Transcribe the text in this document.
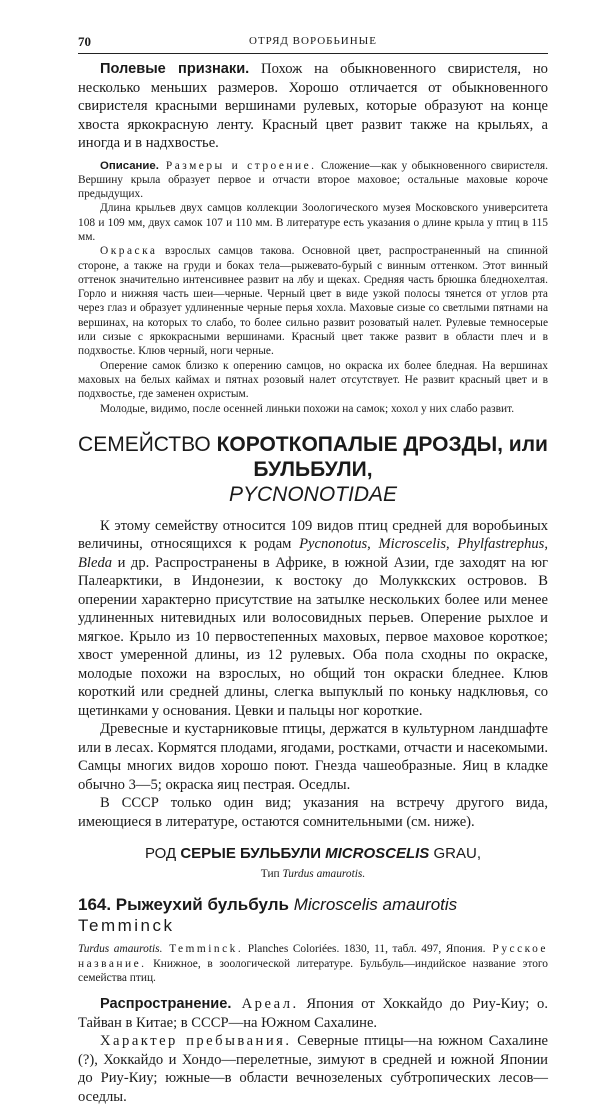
70	ОТРЯД ВОРОБЬИНЫЕ

Полевые признаки. Похож на обыкновенного свиристеля, но несколько меньших размеров. Хорошо отличается от обыкновенного свиристеля красными вершинами рулевых, которые образуют на конце хвоста яркокрасную ленту. Красный цвет развит также на крыльях, а иногда и в надхвостье.

Описание. Размеры и строение. Сложение—как у обыкновенного свиристеля. Вершину крыла образует первое и отчасти второе маховое; остальные маховые короче предыдущих.

Длина крыльев двух самцов коллекции Зоологического музея Московского университета 108 и 109 мм, двух самок 107 и 110 мм. В литературе есть указания о длине крыла у птиц в 115 мм.

Окраска взрослых самцов такова. Основной цвет, распространенный на спинной стороне, а также на груди и боках тела—рыжевато-бурый с винным оттенком. Этот винный оттенок значительно интенсивнее развит на лбу и щеках. Средняя часть брюшка бледнохелтая. Горло и нижняя часть шеи—черные. Черный цвет в виде узкой полосы тянется от углов рта через глаз и образует удлиненные черные перья хохла. Маховые сизые со светлыми пятнами на вершинах, на которых то слабо, то более сильно развит розоватый налет. Рулевые темносерые или сизые с яркокрасными вершинами. Красный цвет также развит в области плеч и в подхвостье. Клюв черный, ноги черные.

Оперение самок близко к оперению самцов, но окраска их более бледная. На вершинах маховых на белых каймах и пятнах розовый налет отсутствует. Не развит красный цвет и в подхвостье, где заменен охристым.

Молодые, видимо, после осенней линьки похожи на самок; хохол у них слабо развит.

СЕМЕЙСТВО КОРОТКОПАЛЫЕ ДРОЗДЫ, или БУЛЬБУЛИ,
PYCNONOTIDAE

К этому семейству относится 109 видов птиц средней для воробьиных величины, относящихся к родам Pycnonotus, Microscelis, Phylfastrephus, Bleda и др. Распространены в Африке, в южной Азии, где заходят на юг Палеарктики, в Индонезии, к востоку до Молуккских островов. В оперении характерно присутствие на затылке нескольких более или менее удлиненных нитевидных или волосовидных перьев. Оперение рыхлое и мягкое. Крыло из 10 первостепенных маховых, первое маховое короткое; хвост умеренной длины, из 12 рулевых. Оба пола сходны по окраске, молодые похожи на взрослых, но общий тон окраски бледнее. Клюв короткий или средней длины, слегка выпуклый по коньку надклювья, со щетинками у основания. Цевки и пальцы ног короткие.

Древесные и кустарниковые птицы, держатся в культурном ландшафте или в лесах. Кормятся плодами, ягодами, ростками, отчасти и насекомыми. Самцы многих видов хорошо поют. Гнезда чашеобразные. Яиц в кладке обычно 3—5; окраска яиц пестрая. Оседлы.

В СССР только один вид; указания на встречу другого вида, имеющиеся в литературе, остаются сомнительными (см. ниже).

РОД СЕРЫЕ БУЛЬБУЛИ MICROSCELIS GRAU,
Тип Turdus amaurotis.
164. Рыжеухий бульбуль Microscelis amaurotis Temminck

Turdus amaurotis. Temminck. Planches Coloriées. 1830, 11, табл. 497, Япония. Русское название. Книжное, в зоологической литературе. Бульбуль—индийское название этого семейства птиц.

Распространение. Ареал. Япония от Хоккайдо до Риу-Киу; о. Тайван в Китае; в СССР—на Южном Сахалине.

Характер пребывания. Северные птицы—на южном Сахалине (?), Хоккайдо и Хондо—перелетные, зимуют в средней и южной Японии до Риу-Киу; южные—в области вечнозеленых субтропических лесов—оседлы.
